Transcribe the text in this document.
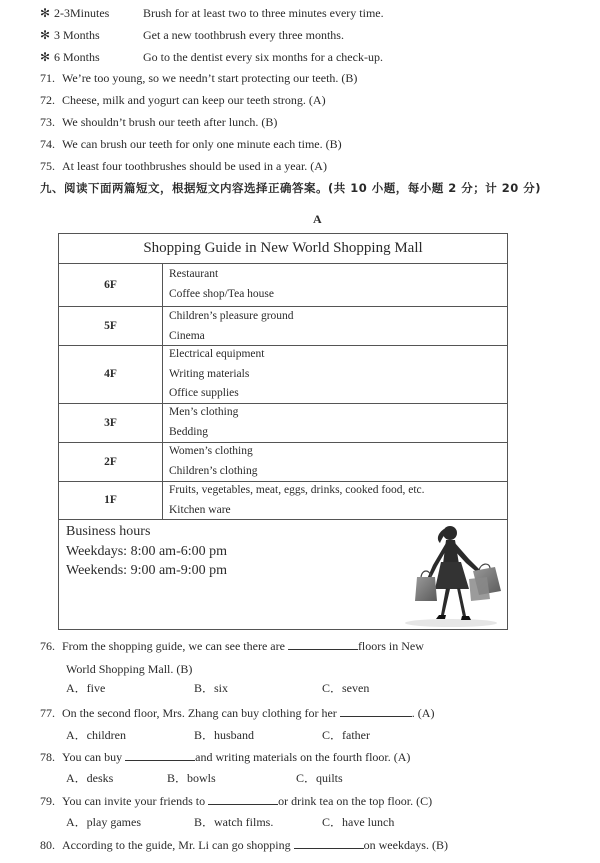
✻ 2-3Minutes	Brush for at least two to three minutes every time.
✻ 3 Months	Get a new toothbrush every three months.
✻ 6 Months	Go to the dentist every six months for a check-up.
71. We’re too young, so we needn’t start protecting our teeth. (B)
72. Cheese, milk and yogurt can keep our teeth strong. (A)
73. We shouldn’t brush our teeth after lunch. (B)
74. We can brush our teeth for only one minute each time. (B)
75. At least four toothbrushes should be used in a year. (A)
九、阅读下面两篇短文，根据短文内容选择正确答案。(共 10 小题，每小题 2 分；计 20 分)
A
Shopping Guide in New World Shopping Mall
6F
Restaurant
Coffee shop/Tea house
5F
Children’s pleasure ground
Cinema
4F
Electrical equipment
Writing materials
Office supplies
3F
Men’s clothing
Bedding
2F
Women’s clothing
Children’s clothing
1F
Fruits, vegetables, meat, eggs, drinks, cooked food, etc.
Kitchen ware
Business hours
Weekdays: 8:00 am-6:00 pm
Weekends: 9:00 am-9:00 pm
76. From the shopping guide, we can see there are	floors in New
World Shopping Mall. (B)
A．five	B．six	C．seven
77. On the second floor, Mrs. Zhang can buy clothing for her	. (A)
A．children	B．husband	C．father
78. You can buy	and writing materials on the fourth floor. (A)
A．desks	B．bowls	C．quilts
79. You can invite your friends to	or drink tea on the top floor. (C)
A．play games	B．watch films.	C．have lunch
80. According to the guide, Mr. Li can go shopping	on weekdays. (B)
